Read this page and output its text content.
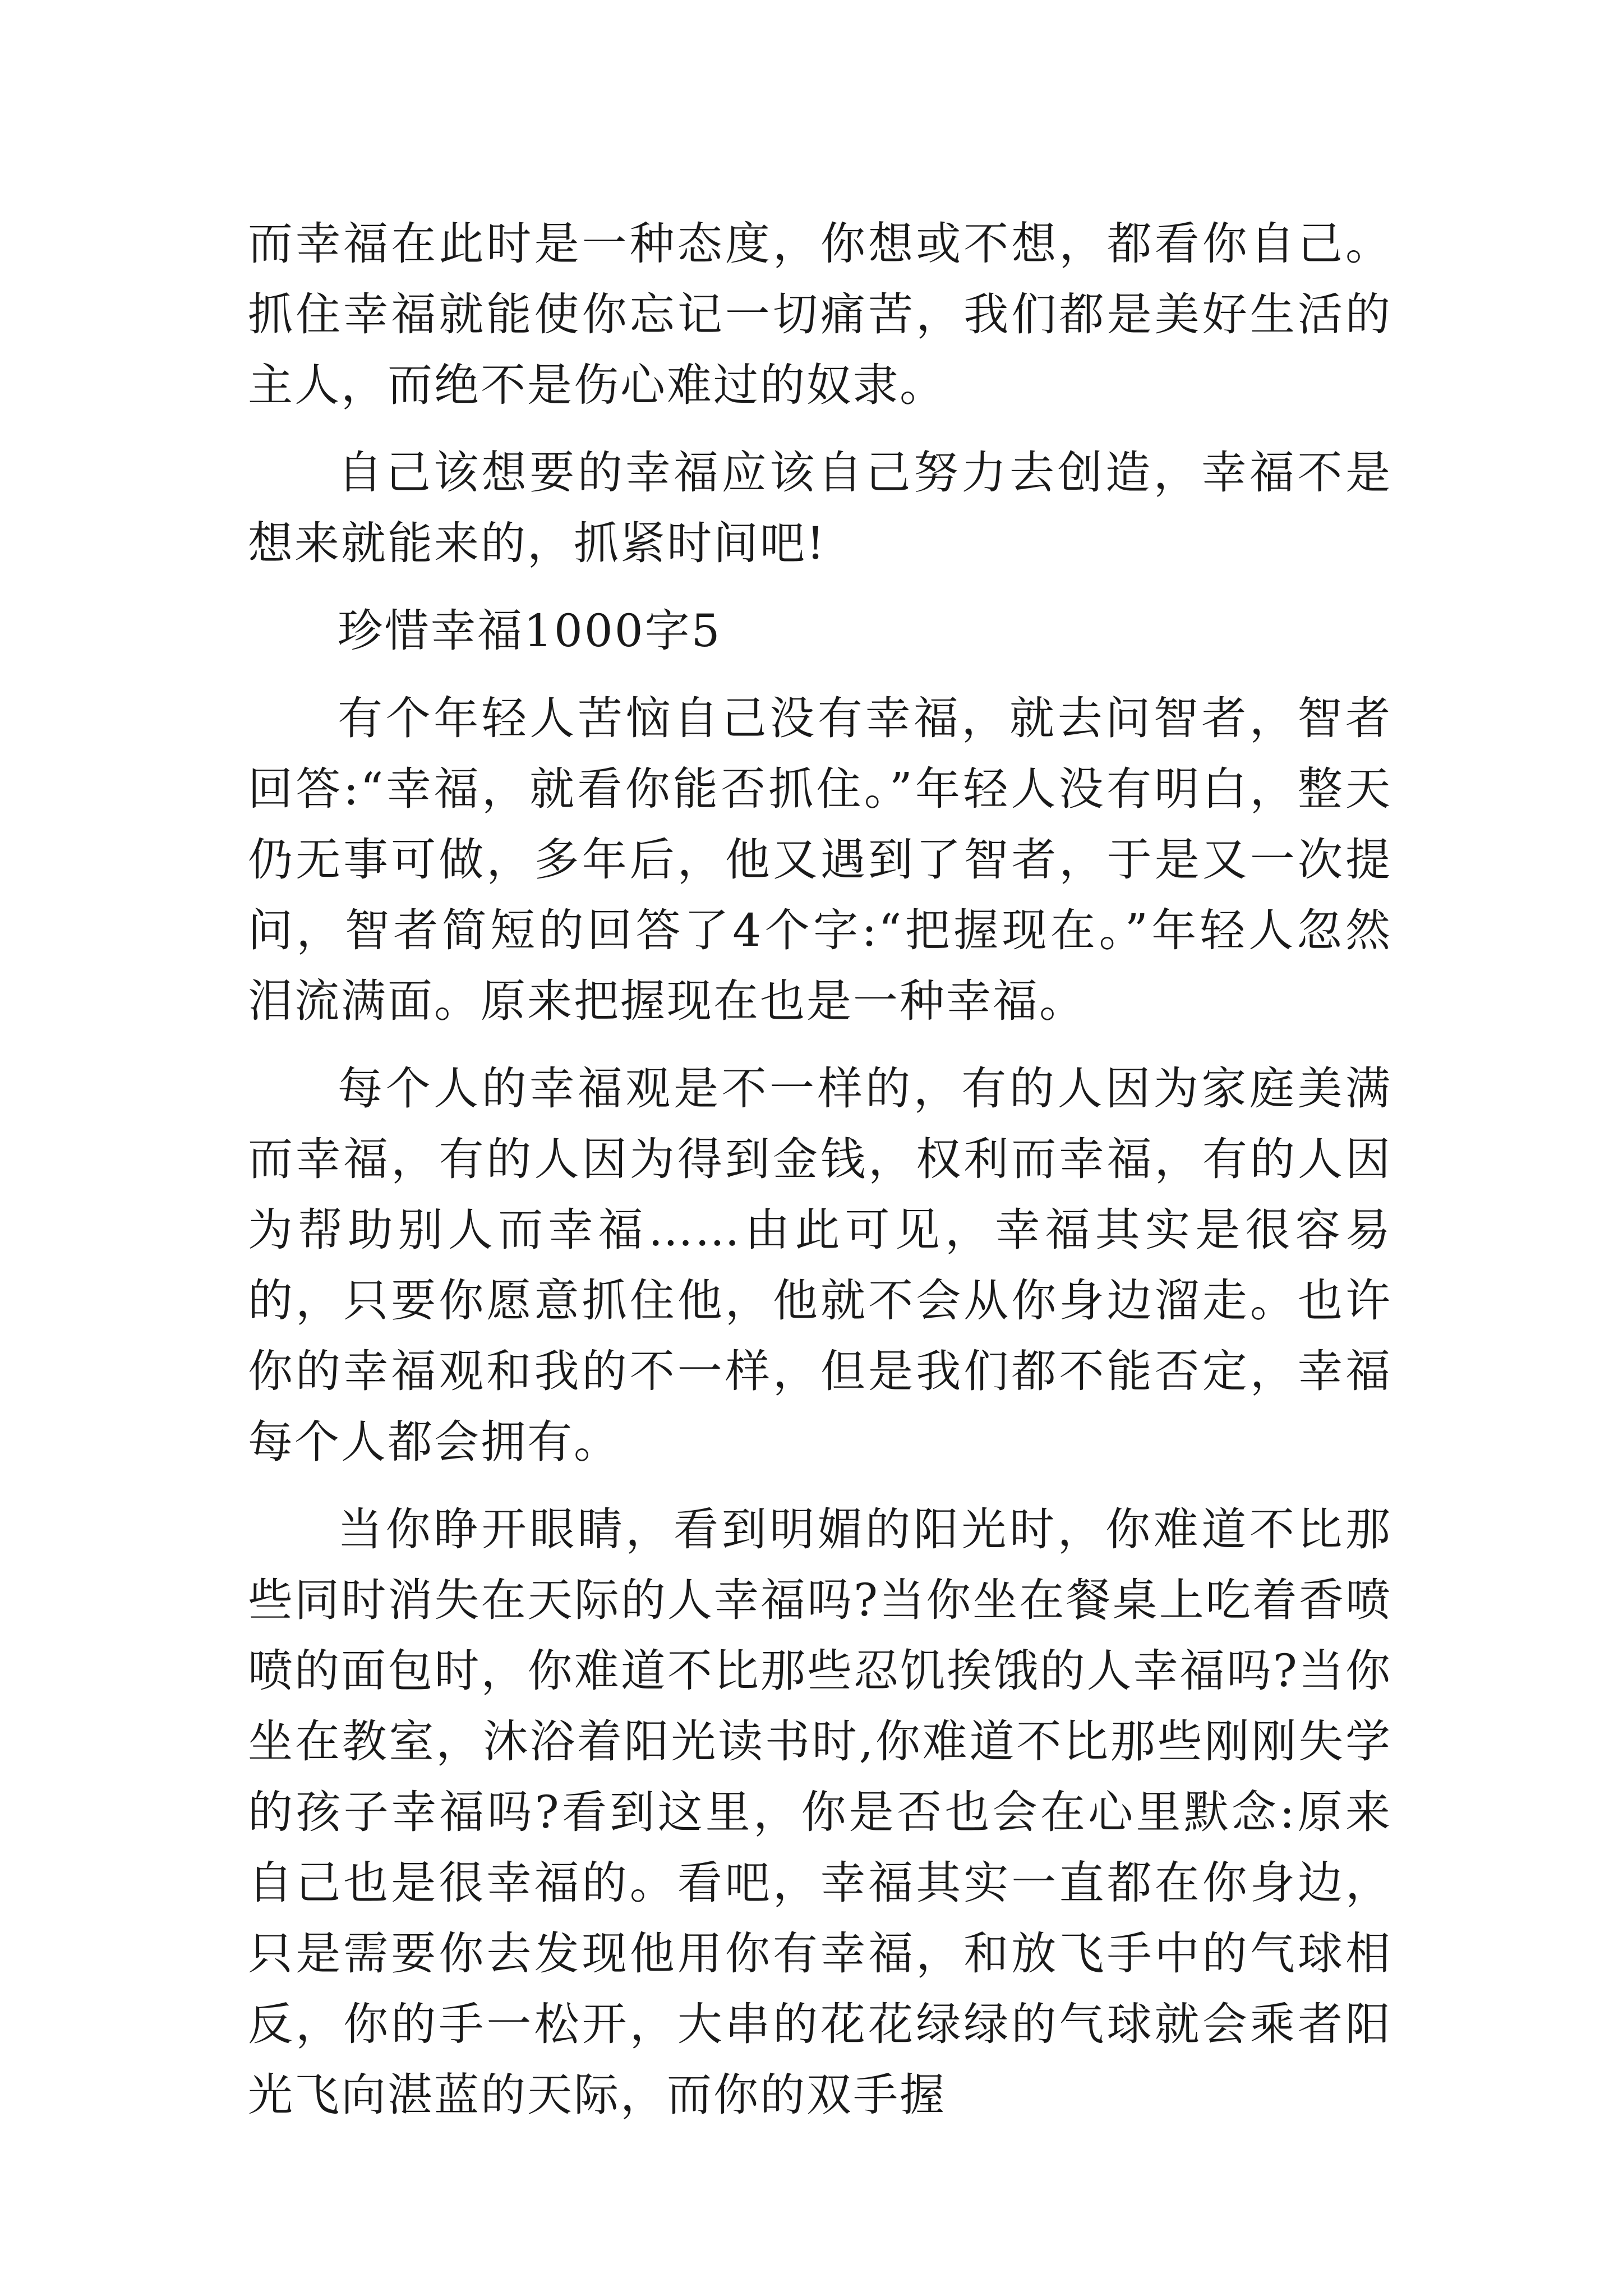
而幸福在此时是一种态度，你想或不想，都看你自己。抓住幸福就能使你忘记一切痛苦，我们都是美好生活的主人，而绝不是伤心难过的奴隶。

自己该想要的幸福应该自己努力去创造，幸福不是想来就能来的，抓紧时间吧!

珍惜幸福1000字5

有个年轻人苦恼自己没有幸福，就去问智者，智者回答:“幸福，就看你能否抓住。”年轻人没有明白，整天仍无事可做，多年后，他又遇到了智者，于是又一次提问，智者简短的回答了4个字:“把握现在。”年轻人忽然泪流满面。原来把握现在也是一种幸福。

每个人的幸福观是不一样的，有的人因为家庭美满而幸福，有的人因为得到金钱，权利而幸福，有的人因为帮助别人而幸福……由此可见，幸福其实是很容易的，只要你愿意抓住他，他就不会从你身边溜走。也许你的幸福观和我的不一样，但是我们都不能否定，幸福每个人都会拥有。

当你睁开眼睛，看到明媚的阳光时，你难道不比那些同时消失在天际的人幸福吗?当你坐在餐桌上吃着香喷喷的面包时，你难道不比那些忍饥挨饿的人幸福吗?当你坐在教室，沐浴着阳光读书时,你难道不比那些刚刚失学的孩子幸福吗?看到这里，你是否也会在心里默念:原来自己也是很幸福的。看吧，幸福其实一直都在你身边，只是需要你去发现他用你有幸福，和放飞手中的气球相反，你的手一松开，大串的花花绿绿的气球就会乘者阳光飞向湛蓝的天际，而你的双手握
